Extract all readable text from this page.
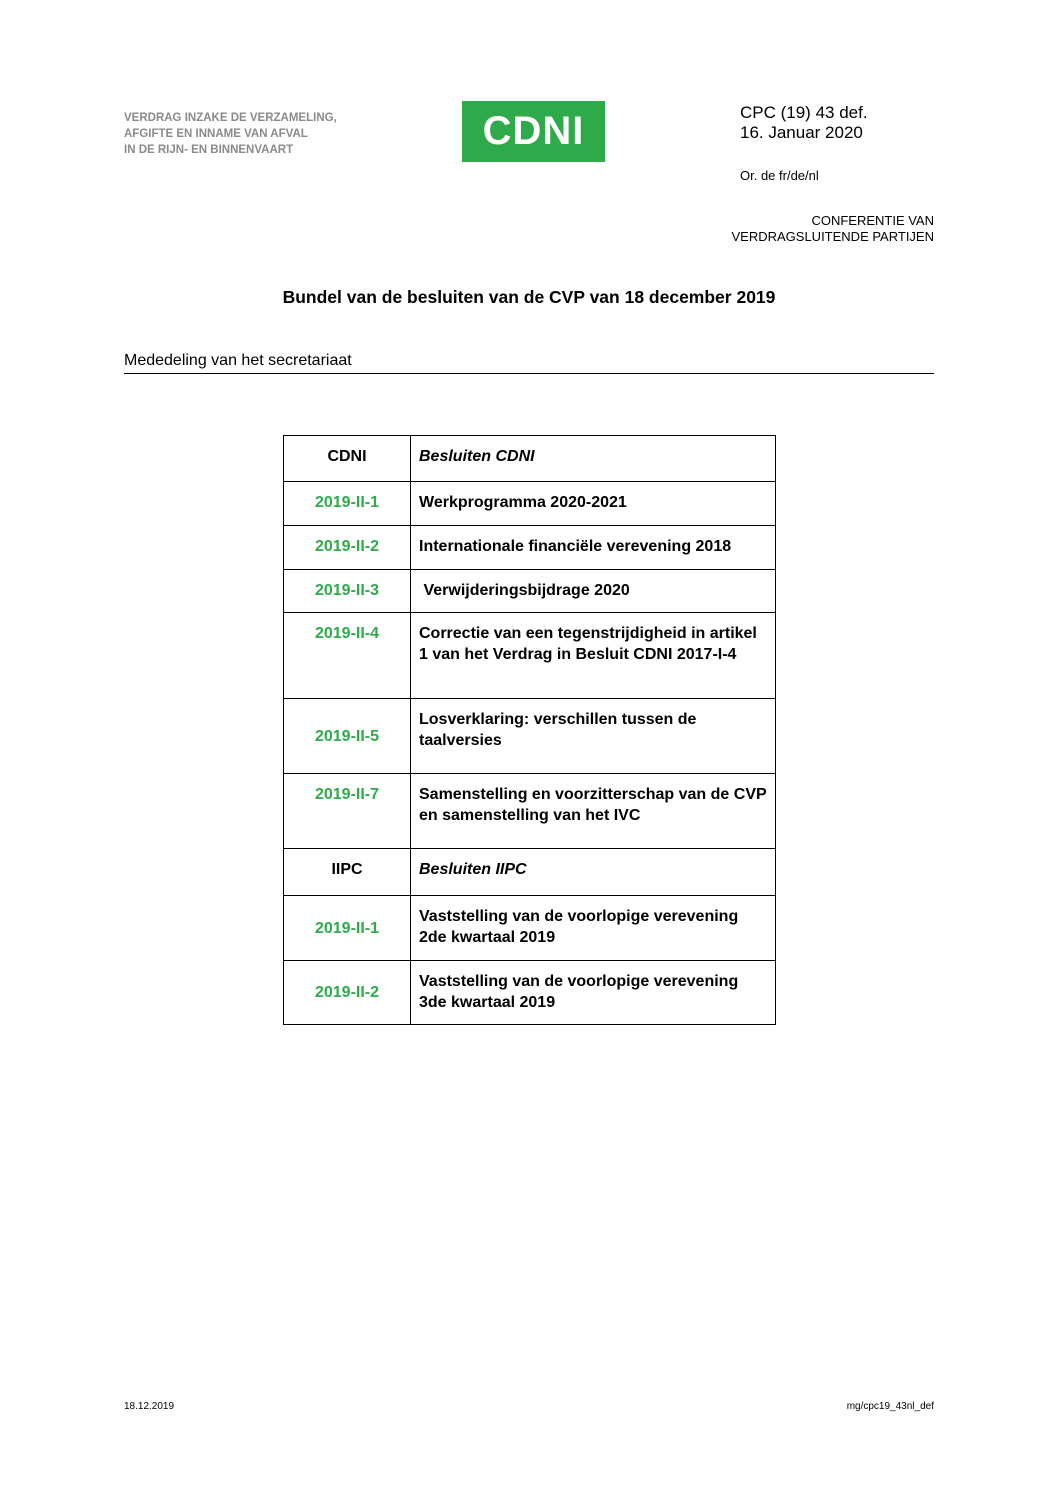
VERDRAG INZAKE DE VERZAMELING,
AFGIFTE EN INNAME VAN AFVAL
IN DE RIJN- EN BINNENVAART	CDNI	CPC (19) 43 def.
16. Januar 2020
Or. de fr/de/nl
CONFERENTIE VAN
VERDRAGSLUITENDE PARTIJEN
Bundel van de besluiten van de CVP van 18 december 2019
Mededeling van het secretariaat
CDNI	Besluiten CDNI
2019-II-1	Werkprogramma 2020-2021
2019-II-2	Internationale financiële verevening 2018
2019-II-3	Verwijderingsbijdrage 2020
2019-II-4	Correctie van een tegenstrijdigheid in artikel 1 van het Verdrag in Besluit CDNI 2017-I-4
2019-II-5	Losverklaring: verschillen tussen de taalversies
2019-II-7	Samenstelling en voorzitterschap van de CVP en samenstelling van het IVC
IIPC	Besluiten IIPC
2019-II-1	Vaststelling van de voorlopige verevening 2de kwartaal 2019
2019-II-2	Vaststelling van de voorlopige verevening 3de kwartaal 2019
18.12.2019	mg/cpc19_43nl_def
